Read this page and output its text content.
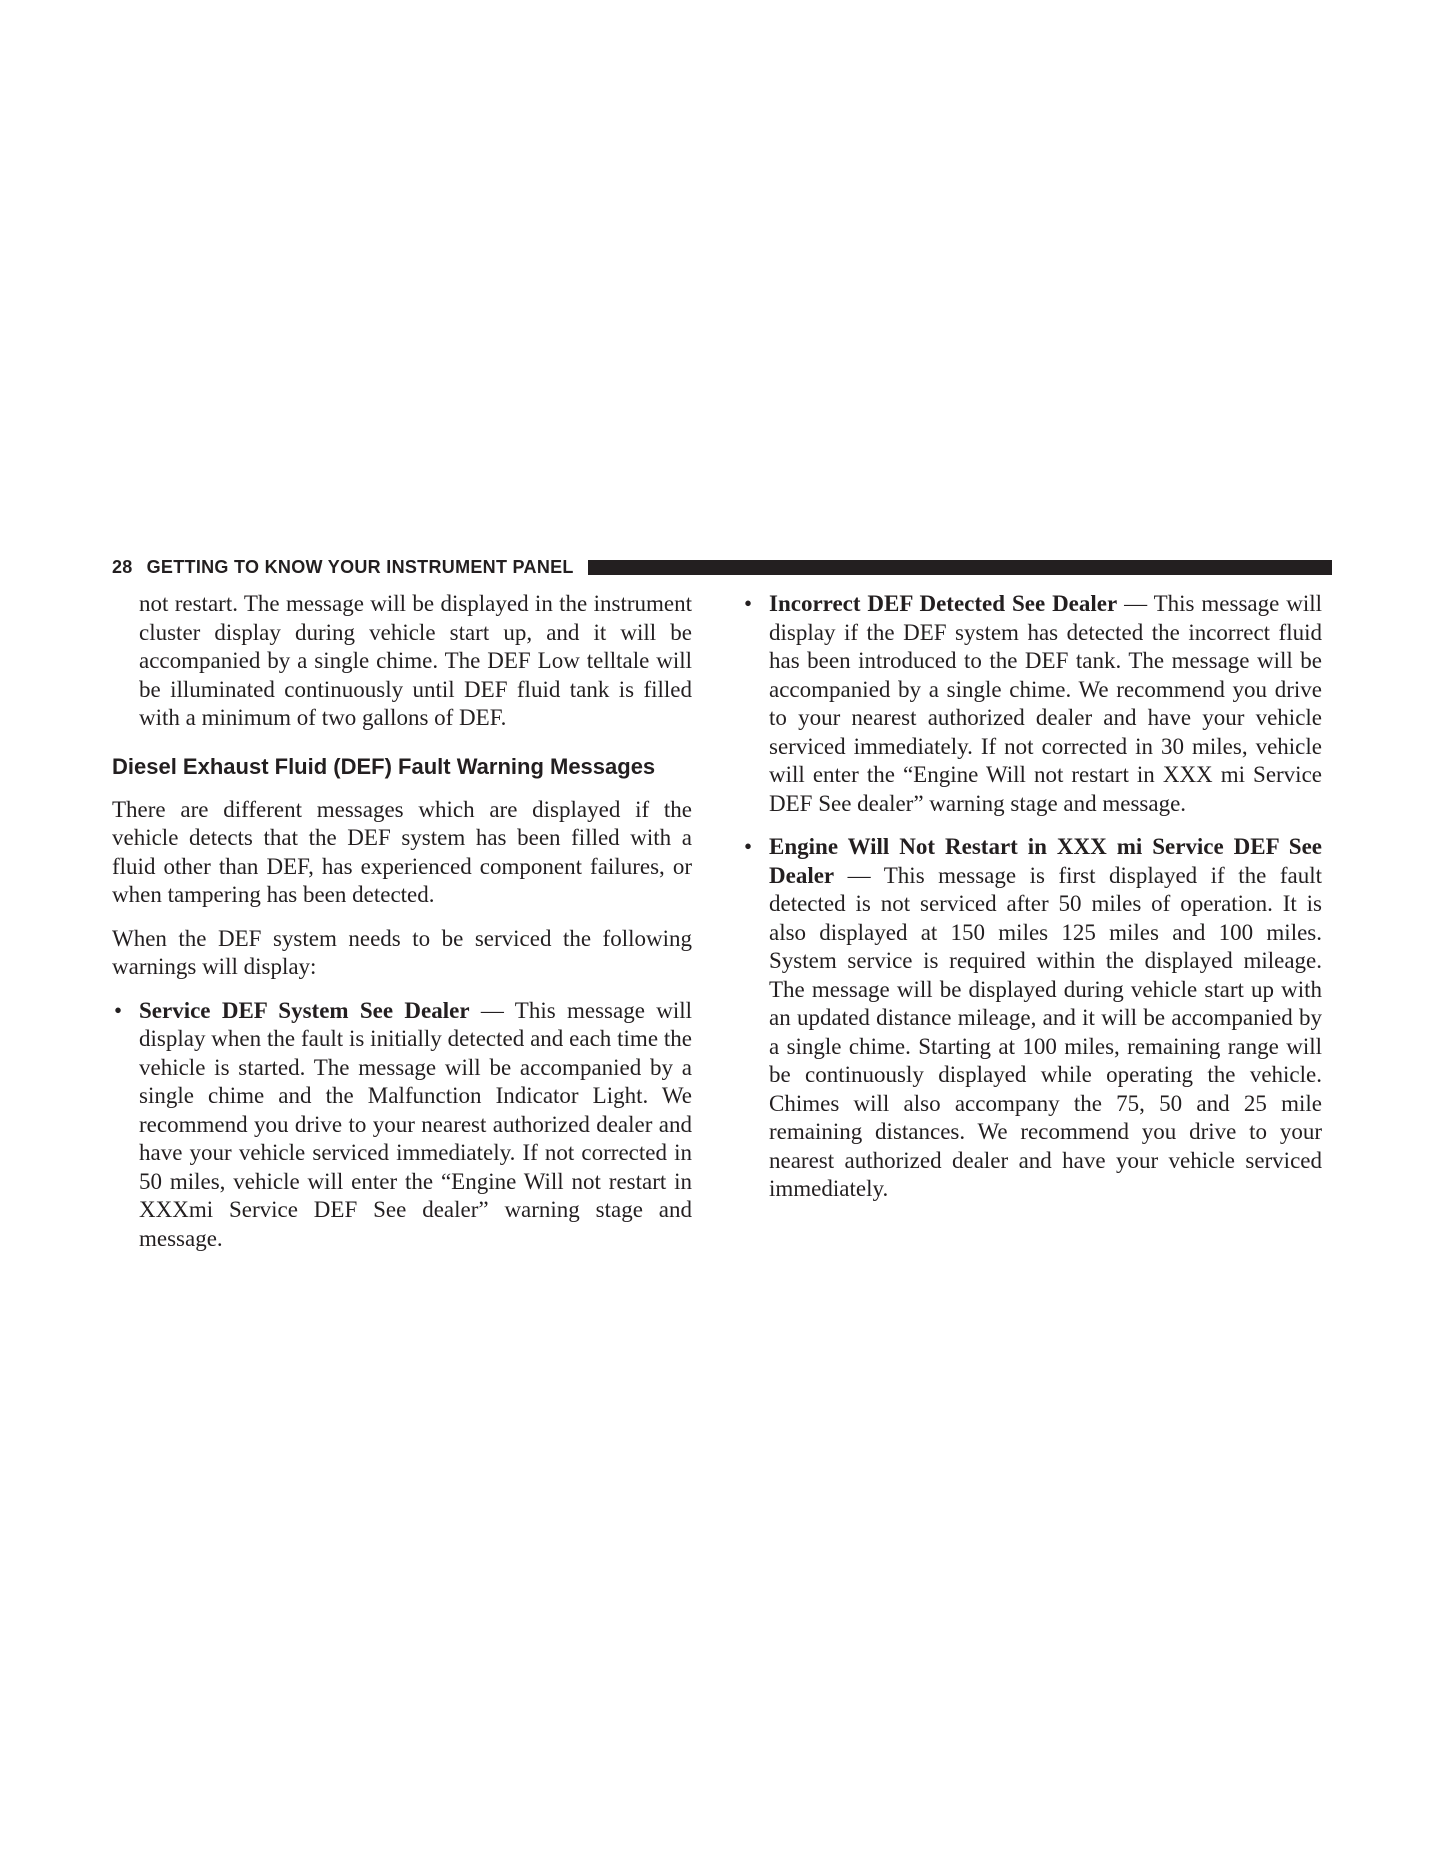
28 GETTING TO KNOW YOUR INSTRUMENT PANEL

not restart. The message will be displayed in the instrument cluster display during vehicle start up, and it will be accompanied by a single chime. The DEF Low telltale will be illuminated continuously until DEF fluid tank is filled with a minimum of two gallons of DEF.

Diesel Exhaust Fluid (DEF) Fault Warning Messages

There are different messages which are displayed if the vehicle detects that the DEF system has been filled with a fluid other than DEF, has experienced component failures, or when tampering has been detected.

When the DEF system needs to be serviced the following warnings will display:

• Service DEF System See Dealer — This message will display when the fault is initially detected and each time the vehicle is started. The message will be accompanied by a single chime and the Malfunction Indicator Light. We recommend you drive to your nearest authorized dealer and have your vehicle serviced immediately. If not corrected in 50 miles, vehicle will enter the “Engine Will not restart in XXXmi Service DEF See dealer” warning stage and message.
• Incorrect DEF Detected See Dealer — This message will display if the DEF system has detected the incorrect fluid has been introduced to the DEF tank. The message will be accompanied by a single chime. We recommend you drive to your nearest authorized dealer and have your vehicle serviced immediately. If not corrected in 30 miles, vehicle will enter the “Engine Will not restart in XXX mi Service DEF See dealer” warning stage and message.
• Engine Will Not Restart in XXX mi Service DEF See Dealer — This message is first displayed if the fault detected is not serviced after 50 miles of operation. It is also displayed at 150 miles 125 miles and 100 miles. System service is required within the displayed mileage. The message will be displayed during vehicle start up with an updated distance mileage, and it will be accompanied by a single chime. Starting at 100 miles, remaining range will be continuously displayed while operating the vehicle. Chimes will also accompany the 75, 50 and 25 mile remaining distances. We recommend you drive to your nearest authorized dealer and have your vehicle serviced immediately.
